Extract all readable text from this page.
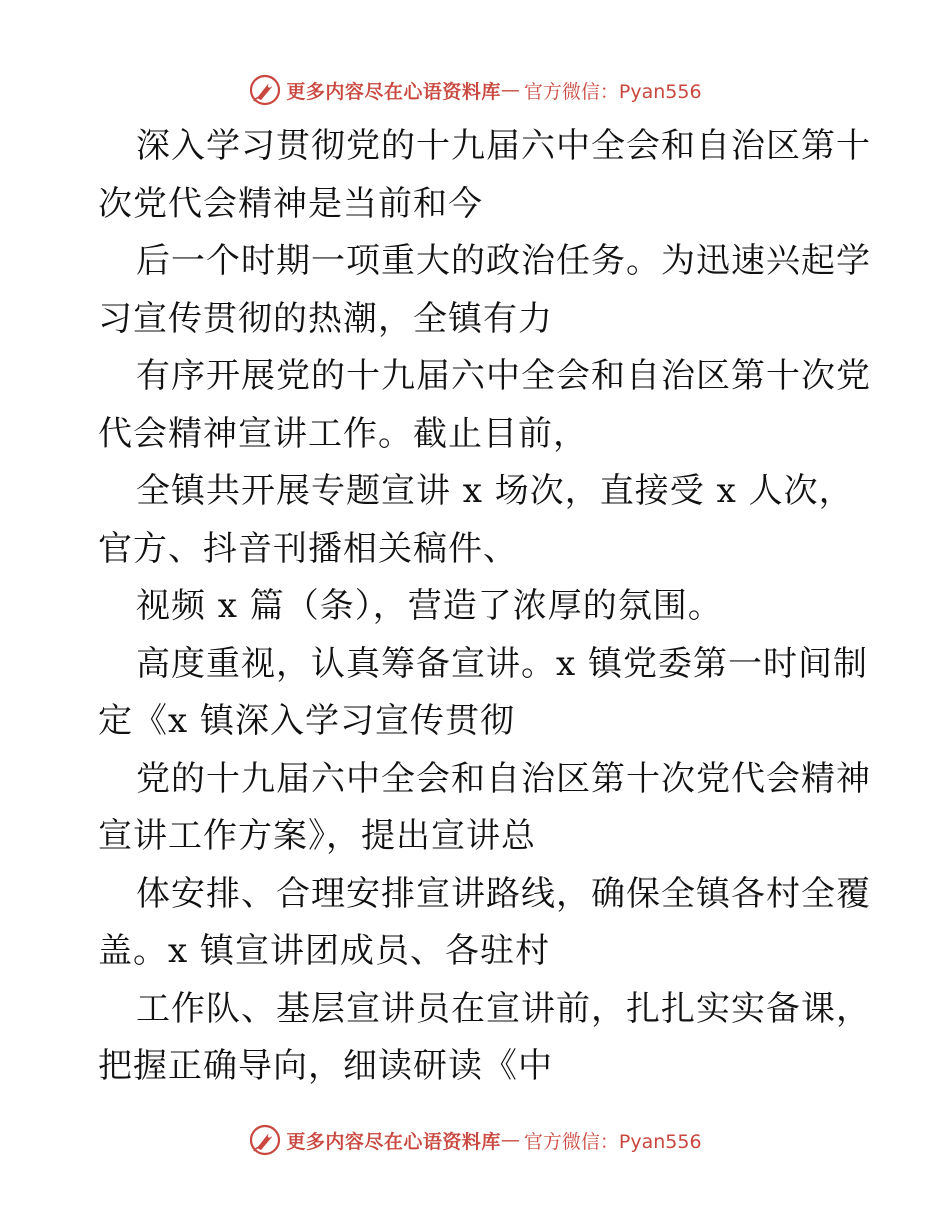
更多内容尽在心语资料库 — 官方微信：Pyan556
深入学习贯彻党的十九届六中全会和自治区第十
次党代会精神是当前和今
后一个时期一项重大的政治任务。为迅速兴起学
习宣传贯彻的热潮，全镇有力
有序开展党的十九届六中全会和自治区第十次党
代会精神宣讲工作。截止目前，
全镇共开展专题宣讲 x 场次，直接受 x 人次，
官方、抖音刊播相关稿件、
视频 x 篇（条），营造了浓厚的氛围。
高度重视，认真筹备宣讲。x 镇党委第一时间制
定《x 镇深入学习宣传贯彻
党的十九届六中全会和自治区第十次党代会精神
宣讲工作方案》，提出宣讲总
体安排、合理安排宣讲路线，确保全镇各村全覆
盖。x 镇宣讲团成员、各驻村
工作队、基层宣讲员在宣讲前，扎扎实实备课，
把握正确导向，细读研读《中
更多内容尽在心语资料库 — 官方微信：Pyan556
